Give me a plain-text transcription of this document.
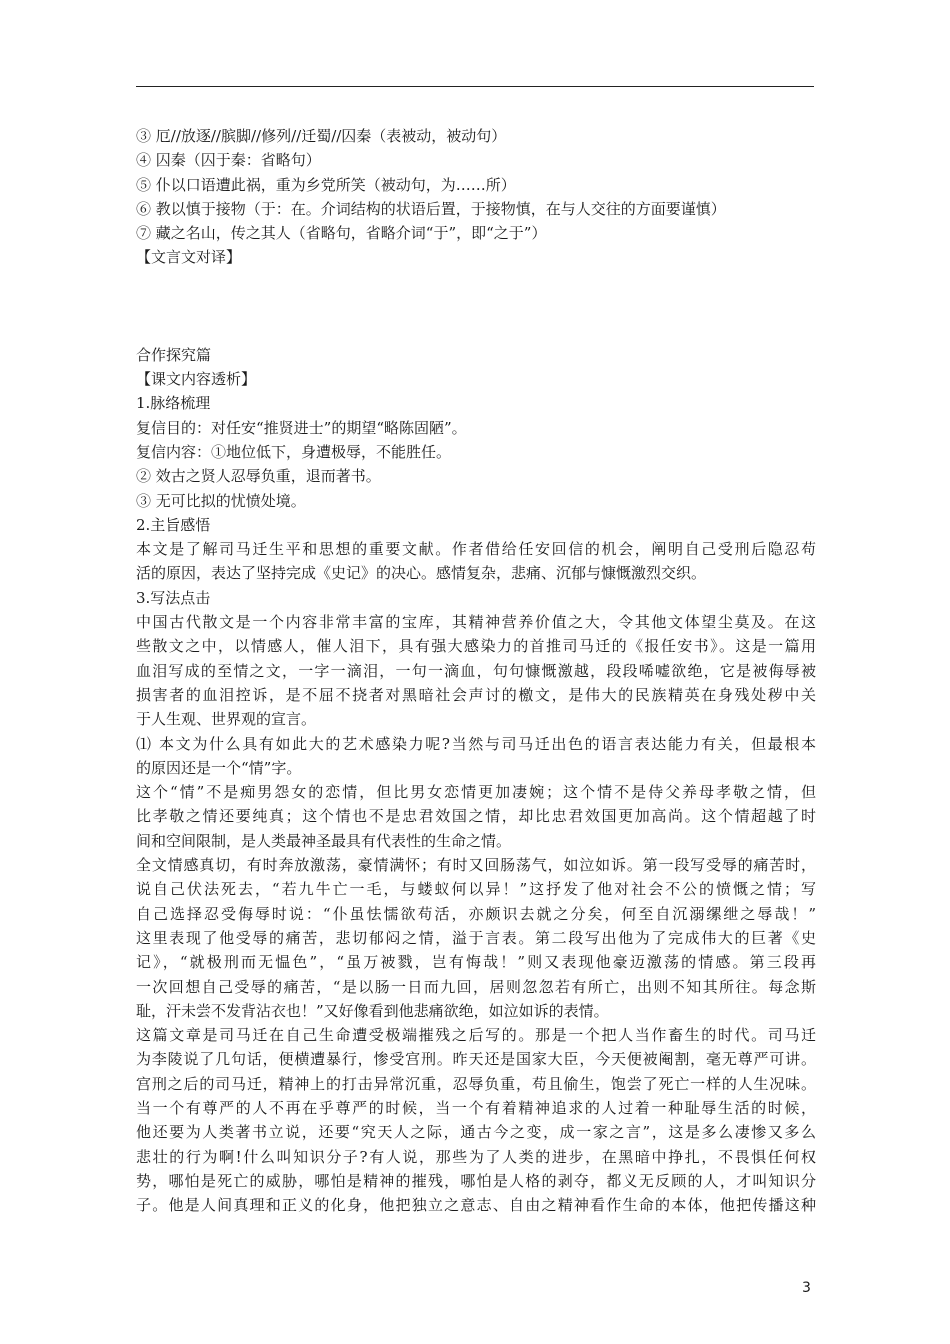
③ 厄//放逐//膑脚//修列//迁蜀//囚秦（表被动，被动句）
④ 囚秦（囚于秦：省略句）
⑤ 仆以口语遭此祸，重为乡党所笑（被动句，为……所）
⑥ 教以慎于接物（于：在。介词结构的状语后置，于接物慎，在与人交往的方面要谨慎）
⑦ 藏之名山，传之其人（省略句，省略介词“于”，即“之于”）
【文言文对译】
合作探究篇
【课文内容透析】
1.脉络梳理
复信目的：对任安“推贤进士”的期望“略陈固陋”。
复信内容：①地位低下，身遭极辱，不能胜任。
② 效古之贤人忍辱负重，退而著书。
③ 无可比拟的忧愤处境。
2.主旨感悟
本文是了解司马迁生平和思想的重要文献。作者借给任安回信的机会，阐明自己受刑后隐忍苟
活的原因，表达了坚持完成《史记》的决心。感情复杂，悲痛、沉郁与慷慨激烈交织。
3.写法点击
中国古代散文是一个内容非常丰富的宝库，其精神营养价值之大，令其他文体望尘莫及。在这
些散文之中，以情感人，催人泪下，具有强大感染力的首推司马迁的《报任安书》。这是一篇用
血泪写成的至情之文，一字一滴泪，一句一滴血，句句慷慨激越，段段唏嘘欲绝，它是被侮辱被
损害者的血泪控诉，是不屈不挠者对黑暗社会声讨的檄文，是伟大的民族精英在身残处秽中关
于人生观、世界观的宣言。
⑴ 本文为什么具有如此大的艺术感染力呢?当然与司马迁出色的语言表达能力有关，但最根本
的原因还是一个“情”字。
这个“情”不是痴男怨女的恋情，但比男女恋情更加凄婉；这个情不是侍父养母孝敬之情，但
比孝敬之情还要纯真；这个情也不是忠君效国之情，却比忠君效国更加高尚。这个情超越了时
间和空间限制，是人类最神圣最具有代表性的生命之情。
全文情感真切，有时奔放激荡，豪情满怀；有时又回肠荡气，如泣如诉。第一段写受辱的痛苦时，
说自己伏法死去，“若九牛亡一毛，与蝼蚁何以异！”这抒发了他对社会不公的愤慨之情；写
自己选择忍受侮辱时说：“仆虽怯懦欲苟活，亦颇识去就之分矣，何至自沉溺缧绁之辱哉！”
这里表现了他受辱的痛苦，悲切郁闷之情，溢于言表。第二段写出他为了完成伟大的巨著《史
记》，“就极刑而无愠色”，“虽万被戮，岂有悔哉！”则又表现他豪迈激荡的情感。第三段再
一次回想自己受辱的痛苦，“是以肠一日而九回，居则忽忽若有所亡，出则不知其所往。每念斯
耻，汗未尝不发背沾衣也！”又好像看到他悲痛欲绝，如泣如诉的表情。
这篇文章是司马迁在自己生命遭受极端摧残之后写的。那是一个把人当作畜生的时代。司马迁
为李陵说了几句话，便横遭暴行，惨受宫刑。昨天还是国家大臣，今天便被阉割，毫无尊严可讲。
宫刑之后的司马迁，精神上的打击异常沉重，忍辱负重，苟且偷生，饱尝了死亡一样的人生况味。
当一个有尊严的人不再在乎尊严的时候，当一个有着精神追求的人过着一种耻辱生活的时候，
他还要为人类著书立说，还要“究天人之际，通古今之变，成一家之言”，这是多么凄惨又多么
悲壮的行为啊!什么叫知识分子?有人说，那些为了人类的进步，在黑暗中挣扎，不畏惧任何权
势，哪怕是死亡的威胁，哪怕是精神的摧残，哪怕是人格的剥夺，都义无反顾的人，才叫知识分
子。他是人间真理和正义的化身，他把独立之意志、自由之精神看作生命的本体，他把传播这种
3
